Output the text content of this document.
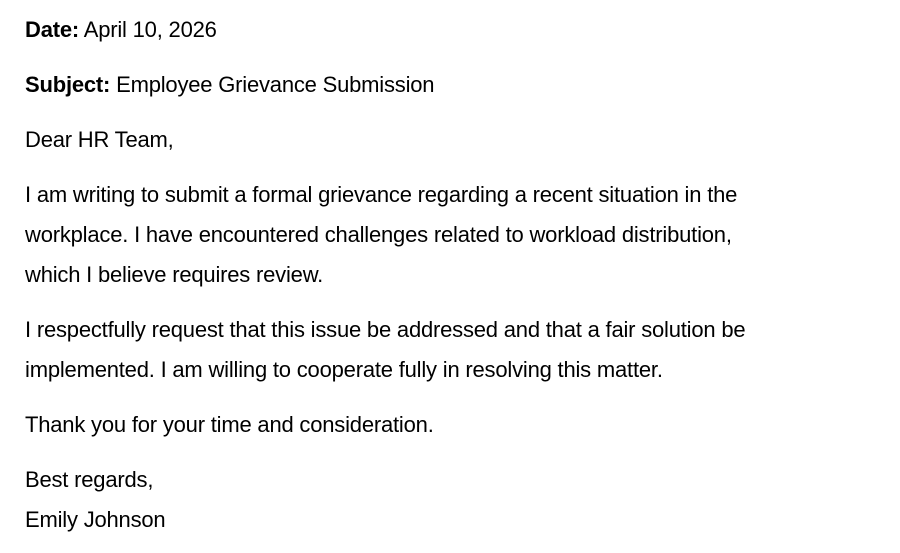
Date: April 10, 2026

Subject: Employee Grievance Submission

Dear HR Team,

I am writing to submit a formal grievance regarding a recent situation in the
workplace. I have encountered challenges related to workload distribution,
which I believe requires review.

I respectfully request that this issue be addressed and that a fair solution be
implemented. I am willing to cooperate fully in resolving this matter.

Thank you for your time and consideration.

Best regards,
Emily Johnson
